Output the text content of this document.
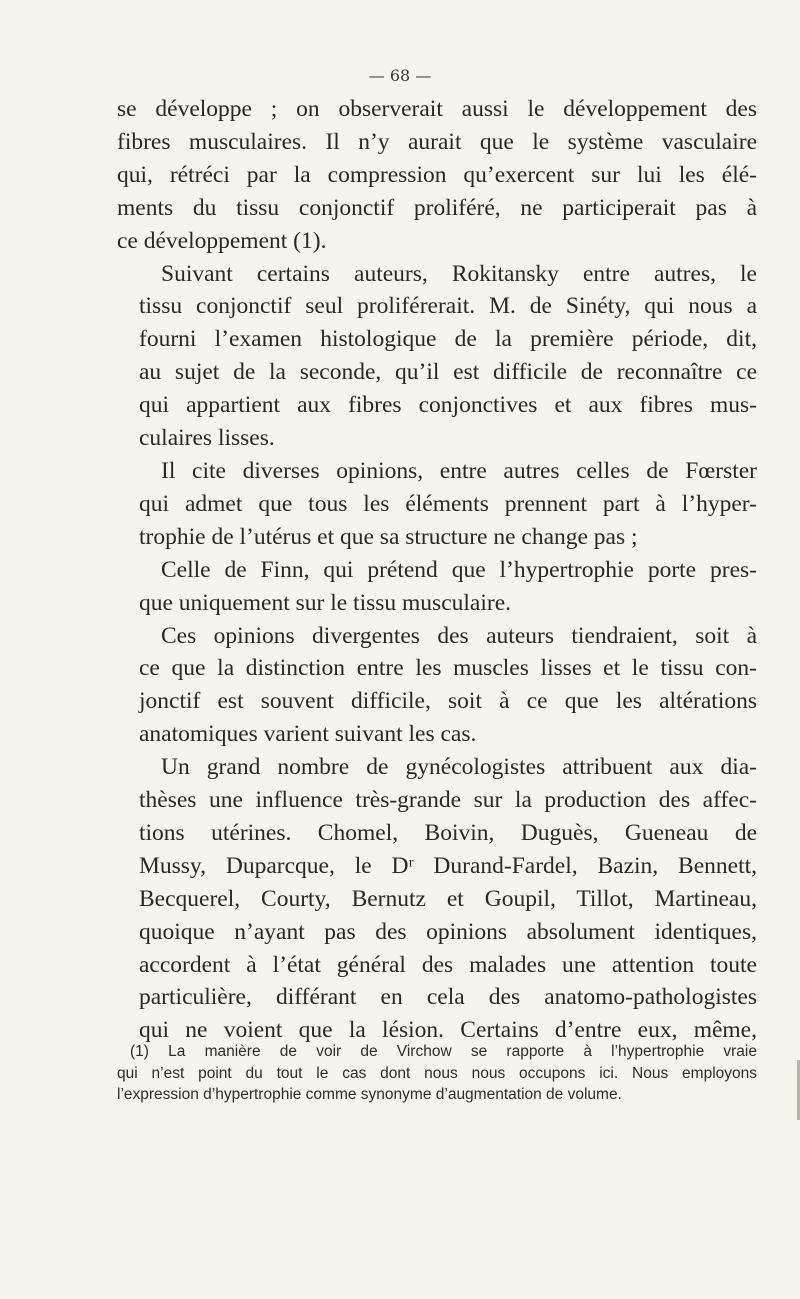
— 68 —

se développe ; on observerait aussi le développement des
fibres musculaires. Il n’y aurait que le système vasculaire
qui, rétréci par la compression qu’exercent sur lui les élé-
ments du tissu conjonctif proliféré, ne participerait pas à
ce développement (1).

Suivant certains auteurs, Rokitansky entre autres, le
tissu conjonctif seul proliférerait. M. de Sinéty, qui nous a
fourni l’examen histologique de la première période, dit,
au sujet de la seconde, qu’il est difficile de reconnaître ce
qui appartient aux fibres conjonctives et aux fibres mus-
culaires lisses.

Il cite diverses opinions, entre autres celles de Fœrster
qui admet que tous les éléments prennent part à l’hyper-
trophie de l’utérus et que sa structure ne change pas ;

Celle de Finn, qui prétend que l’hypertrophie porte pres-
que uniquement sur le tissu musculaire.

Ces opinions divergentes des auteurs tiendraient, soit à
ce que la distinction entre les muscles lisses et le tissu con-
jonctif est souvent difficile, soit à ce que les altérations
anatomiques varient suivant les cas.

Un grand nombre de gynécologistes attribuent aux dia-
thèses une influence très-grande sur la production des affec-
tions utérines. Chomel, Boivin, Duguès, Gueneau de
Mussy, Duparcque, le Dʳ Durand-Fardel, Bazin, Bennett,
Becquerel, Courty, Bernutz et Goupil, Tillot, Martineau,
quoique n’ayant pas des opinions absolument identiques,
accordent à l’état général des malades une attention toute
particulière, différant en cela des anatomo-pathologistes
qui ne voient que la lésion. Certains d’entre eux, même,

(1) La manière de voir de Virchow se rapporte à l’hypertrophie vraie
qui n’est point du tout le cas dont nous nous occupons ici. Nous employons
l’expression d’hypertrophie comme synonyme d’augmentation de volume.
